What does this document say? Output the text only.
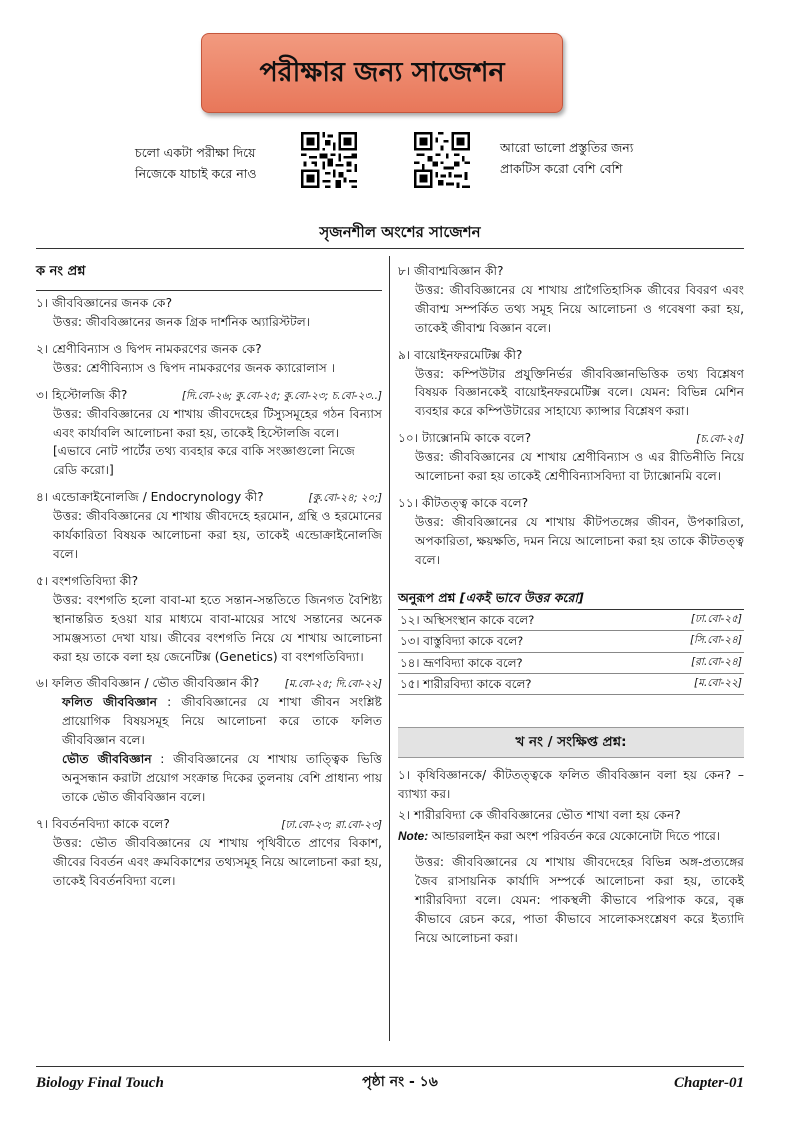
পরীক্ষার জন্য সাজেশন
চলো একটা পরীক্ষা দিয়ে
নিজেকে যাচাই করে নাও
আরো ভালো প্রস্তুতির জন্য
প্রাকটিস করো বেশি বেশি
সৃজনশীল অংশের সাজেশন
ক নং প্রশ্ন
১। জীববিজ্ঞানের জনক কে?
উত্তর: জীববিজ্ঞানের জনক গ্রিক দার্শনিক অ্যারিস্টটল।
২। শ্রেণীবিন্যাস ও দ্বিপদ নামকরণের জনক কে?
উত্তর: শ্রেণীবিন্যাস ও দ্বিপদ নামকরণের জনক ক্যারোলাস ।
৩। হিস্টোলজি কী?	[দি.বো-২৬; কু.বো-২৫; কু.বো-২৩; চ.বো-২৩..]
উত্তর: জীববিজ্ঞানের যে শাখায় জীবদেহের টিস্যুসমূহের গঠন বিন্যাস এবং কার্যাবলি আলোচনা করা হয়, তাকেই হিস্টোলজি বলে।
[এভাবে নোট পার্টের তথ্য ব্যবহার করে বাকি সংজ্ঞাগুলো নিজে রেডি করো।]
৪। এন্ডোক্রাইনোলজি / Endocrynology কী?	[কু.বো-২৪; ২০;]
উত্তর: জীববিজ্ঞানের যে শাখায় জীবদেহে হরমোন, গ্রন্থি ও হরমোনের কার্যকারিতা বিষয়ক আলোচনা করা হয়, তাকেই এন্ডোক্রাইনোলজি বলে।
৫। বংশগতিবিদ্যা কী?
উত্তর: বংশগতি হলো বাবা-মা হতে সন্তান-সন্ততিতে জিনগত বৈশিষ্ট্য স্থানান্তরিত হওয়া যার মাধ্যমে বাবা-মায়ের সাথে সন্তানের অনেক সামঞ্জস্যতা দেখা যায়। জীবের বংশগতি নিয়ে যে শাখায় আলোচনা করা হয় তাকে বলা হয় জেনেটিক্স (Genetics) বা বংশগতিবিদ্যা।
৬। ফলিত জীববিজ্ঞান / ভৌত জীববিজ্ঞান কী? [ম.বো-২৫; দি.বো-২২]
ফলিত জীববিজ্ঞান : জীববিজ্ঞানের যে শাখা জীবন সংশ্লিষ্ট প্রায়োগিক বিষয়সমূহ নিয়ে আলোচনা করে তাকে ফলিত জীববিজ্ঞান বলে।
ভৌত জীববিজ্ঞান : জীববিজ্ঞানের যে শাখায় তাত্ত্বিক ভিত্তি অনুসন্ধান করাটা প্রয়োগ সংক্রান্ত দিকের তুলনায় বেশি প্রাধান্য পায় তাকে ভৌত জীববিজ্ঞান বলে।
৭। বিবর্তনবিদ্যা কাকে বলে?	[ঢা.বো-২৩; রা.বো-২৩]
উত্তর: ভৌত জীববিজ্ঞানের যে শাখায় পৃথিবীতে প্রাণের বিকাশ, জীবের বিবর্তন এবং ক্রমবিকাশের তথ্যসমূহ নিয়ে আলোচনা করা হয়, তাকেই বিবর্তনবিদ্যা বলে।
৮। জীবাশ্মবিজ্ঞান কী?
উত্তর: জীববিজ্ঞানের যে শাখায় প্রাগৈতিহাসিক জীবের বিবরণ এবং জীবাশ্ম সম্পর্কিত তথ্য সমূহ নিয়ে আলোচনা ও গবেষণা করা হয়, তাকেই জীবাশ্ম বিজ্ঞান বলে।
৯। বায়োইনফরমেটিক্স কী?
উত্তর: কম্পিউটার প্রযুক্তিনির্ভর জীববিজ্ঞানভিত্তিক তথ্য বিশ্লেষণ বিষয়ক বিজ্ঞানকেই বায়োইনফরমেটিক্স বলে। যেমন: বিভিন্ন মেশিন ব্যবহার করে কম্পিউটারের সাহায্যে ক্যান্সার বিশ্লেষণ করা।
১০। ট্যাক্সোনমি কাকে বলে?	[চ.বো-২৫]
উত্তর: জীববিজ্ঞানের যে শাখায় শ্রেণীবিন্যাস ও এর রীতিনীতি নিয়ে আলোচনা করা হয় তাকেই শ্রেণীবিন্যাসবিদ্যা বা ট্যাক্সোনমি বলে।
১১। কীটতত্ত্ব কাকে বলে?
উত্তর: জীববিজ্ঞানের যে শাখায় কীটপতঙ্গের জীবন, উপকারিতা, অপকারিতা, ক্ষয়ক্ষতি, দমন নিয়ে আলোচনা করা হয় তাকে কীটতত্ত্ব বলে।
অনুরূপ প্রশ্ন [একই ভাবে উত্তর করো]
১২। অস্থিসংস্থান কাকে বলে?	[ঢা.বো-২৫]
১৩। বাস্তুবিদ্যা কাকে বলে?	[সি.বো-২৪]
১৪। ভ্রূণবিদ্যা কাকে বলে?	[রা.বো-২৪]
১৫। শারীরবিদ্যা কাকে বলে?	[ম.বো-২২]
খ নং / সংক্ষিপ্ত প্রশ্ন:
১। কৃষিবিজ্ঞানকে/ কীটতত্ত্বকে ফলিত জীববিজ্ঞান বলা হয় কেন? – ব্যাখ্যা কর।
২। শারীরবিদ্যা কে জীববিজ্ঞানের ভৌত শাখা বলা হয় কেন?
Note: আন্ডারলাইন করা অংশ পরিবর্তন করে যেকোনোটা দিতে পারে।
উত্তর: জীববিজ্ঞানের যে শাখায় জীবদেহের বিভিন্ন অঙ্গ-প্রত্যঙ্গের জৈব রাসায়নিক কার্যাদি সম্পর্কে আলোচনা করা হয়, তাকেই শারীরবিদ্যা বলে। যেমন: পাকস্থলী কীভাবে পরিপাক করে, বৃক্ক কীভাবে রেচন করে, পাতা কীভাবে সালোকসংশ্লেষণ করে ইত্যাদি নিয়ে আলোচনা করা।
Biology Final Touch	পৃষ্ঠা নং - ১৬	Chapter-01
